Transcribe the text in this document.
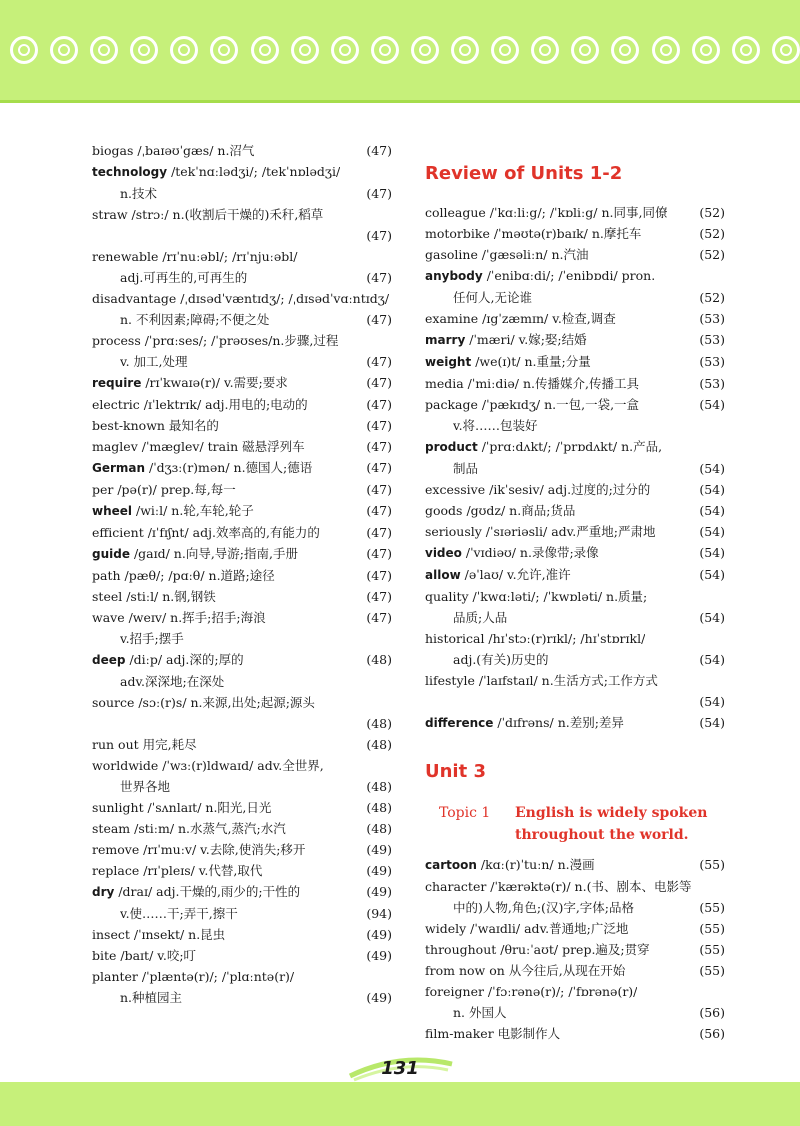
biogas /ˌbaɪəʊˈgæs/ n.沼气	(47)
technology /tekˈnɑːlədʒi/; /tekˈnɒlədʒi/
n.技术	(47)
straw /strɔː/ n.(收割后干燥的)禾秆,稻草
(47)
renewable /rɪˈnuːəbl/; /rɪˈnjuːəbl/
adj.可再生的,可再生的	(47)
disadvantage /ˌdɪsədˈvæntɪdʒ/; /ˌdɪsədˈvɑːntɪdʒ/
n. 不利因素;障碍;不便之处	(47)
process /ˈprɑːses/; /ˈprəʊses/n.步骤,过程
v. 加工,处理	(47)
require /rɪˈkwaɪə(r)/ v.需要;要求	(47)
electric /ɪˈlektrɪk/ adj.用电的;电动的	(47)
best-known 最知名的	(47)
maglev /ˈmæglev/ train 磁悬浮列车	(47)
German /ˈdʒɜː(r)mən/ n.德国人;德语	(47)
per /pə(r)/ prep.每,每一	(47)
wheel /wiːl/ n.轮,车轮,轮子	(47)
efficient /ɪˈfɪʃnt/ adj.效率高的,有能力的	(47)
guide /gaɪd/ n.向导,导游;指南,手册	(47)
path /pæθ/; /pɑːθ/ n.道路;途径	(47)
steel /stiːl/ n.钢,钢铁	(47)
wave /weɪv/ n.挥手;招手;海浪	(47)
v.招手;摆手
deep /diːp/ adj.深的;厚的	(48)
adv.深深地;在深处
source /sɔː(r)s/ n.来源,出处;起源;源头
(48)
run out 用完,耗尽	(48)
worldwide /ˈwɜː(r)ldwaɪd/ adv.全世界,
世界各地	(48)
sunlight /ˈsʌnlaɪt/ n.阳光,日光	(48)
steam /stiːm/ n.水蒸气,蒸汽;水汽	(48)
remove /rɪˈmuːv/ v.去除,使消失;移开	(49)
replace /rɪˈpleɪs/ v.代替,取代	(49)
dry /draɪ/ adj.干燥的,雨少的;干性的	(49)
v.使……干;弄干,擦干	(94)
insect /ˈɪnsekt/ n.昆虫	(49)
bite /baɪt/ v.咬;叮	(49)
planter /ˈplæntə(r)/; /ˈplɑːntə(r)/
n.种植园主	(49)
Review of Units 1-2
colleague /ˈkɑːliːg/; /ˈkɒliːg/ n.同事,同僚	(52)
motorbike /ˈməʊtə(r)baɪk/ n.摩托车	(52)
gasoline /ˈgæsəliːn/ n.汽油	(52)
anybody /ˈenibɑːdi/; /ˈenibɒdi/ pron.
任何人,无论谁	(52)
examine /ɪgˈzæmɪn/ v.检查,调查	(53)
marry /ˈmæri/ v.嫁;娶;结婚	(53)
weight /we(ɪ)t/ n.重量;分量	(53)
media /ˈmiːdiə/ n.传播媒介,传播工具	(53)
package /ˈpækɪdʒ/ n.一包,一袋,一盒	(54)
v.将……包装好
product /ˈprɑːdʌkt/; /ˈprɒdʌkt/ n.产品,
制品	(54)
excessive /ikˈsesiv/ adj.过度的;过分的	(54)
goods /gʊdz/ n.商品;货品	(54)
seriously /ˈsɪəriəsli/ adv.严重地;严肃地	(54)
video /ˈvɪdiəʊ/ n.录像带;录像	(54)
allow /əˈlaʊ/ v.允许,准许	(54)
quality /ˈkwɑːləti/; /ˈkwɒləti/ n.质量;
品质;人品	(54)
historical /hɪˈstɔː(r)rɪkl/; /hɪˈstɒrɪkl/
adj.(有关)历史的	(54)
lifestyle /ˈlaɪfstaɪl/ n.生活方式;工作方式
(54)
difference /ˈdɪfrəns/ n.差别;差异	(54)
Unit 3
Topic 1	English is widely spoken
throughout the world.
cartoon /kɑː(r)ˈtuːn/ n.漫画	(55)
character /ˈkærəktə(r)/ n.(书、剧本、电影等
中的)人物,角色;(汉)字,字体;品格	(55)
widely /ˈwaɪdli/ adv.普通地;广泛地	(55)
throughout /θruːˈaʊt/ prep.遍及;贯穿	(55)
from now on 从今往后,从现在开始	(55)
foreigner /ˈfɔːrənə(r)/; /ˈfɒrənə(r)/
n. 外国人	(56)
film-maker 电影制作人	(56)
131
